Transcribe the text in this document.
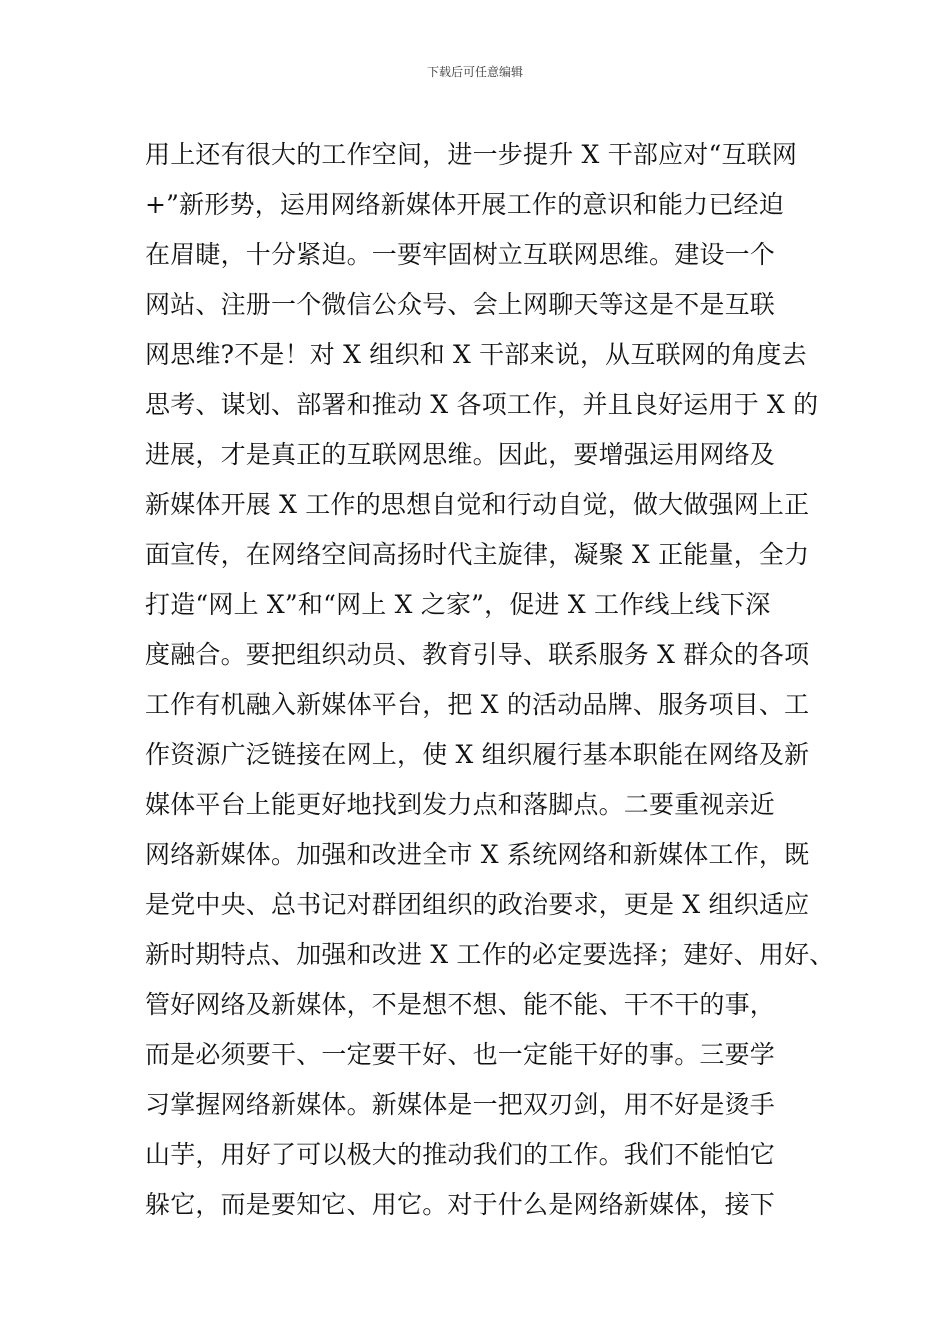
下载后可任意编辑
用上还有很大的工作空间，进一步提升 X 干部应对“互联网
+”新形势，运用网络新媒体开展工作的意识和能力已经迫
在眉睫，十分紧迫。一要牢固树立互联网思维。建设一个
网站、注册一个微信公众号、会上网聊天等这是不是互联
网思维?不是！对 X 组织和 X 干部来说，从互联网的角度去
思考、谋划、部署和推动 X 各项工作，并且良好运用于 X 的
进展，才是真正的互联网思维。因此，要增强运用网络及
新媒体开展 X 工作的思想自觉和行动自觉，做大做强网上正
面宣传，在网络空间高扬时代主旋律，凝聚 X 正能量，全力
打造“网上 X”和“网上 X 之家”，促进 X 工作线上线下深
度融合。要把组织动员、教育引导、联系服务 X 群众的各项
工作有机融入新媒体平台，把 X 的活动品牌、服务项目、工
作资源广泛链接在网上，使 X 组织履行基本职能在网络及新
媒体平台上能更好地找到发力点和落脚点。二要重视亲近
网络新媒体。加强和改进全市 X 系统网络和新媒体工作，既
是党中央、总书记对群团组织的政治要求，更是 X 组织适应
新时期特点、加强和改进 X 工作的必定要选择；建好、用好、
管好网络及新媒体，不是想不想、能不能、干不干的事，
而是必须要干、一定要干好、也一定能干好的事。三要学
习掌握网络新媒体。新媒体是一把双刃剑，用不好是烫手
山芋，用好了可以极大的推动我们的工作。我们不能怕它
躲它，而是要知它、用它。对于什么是网络新媒体，接下
